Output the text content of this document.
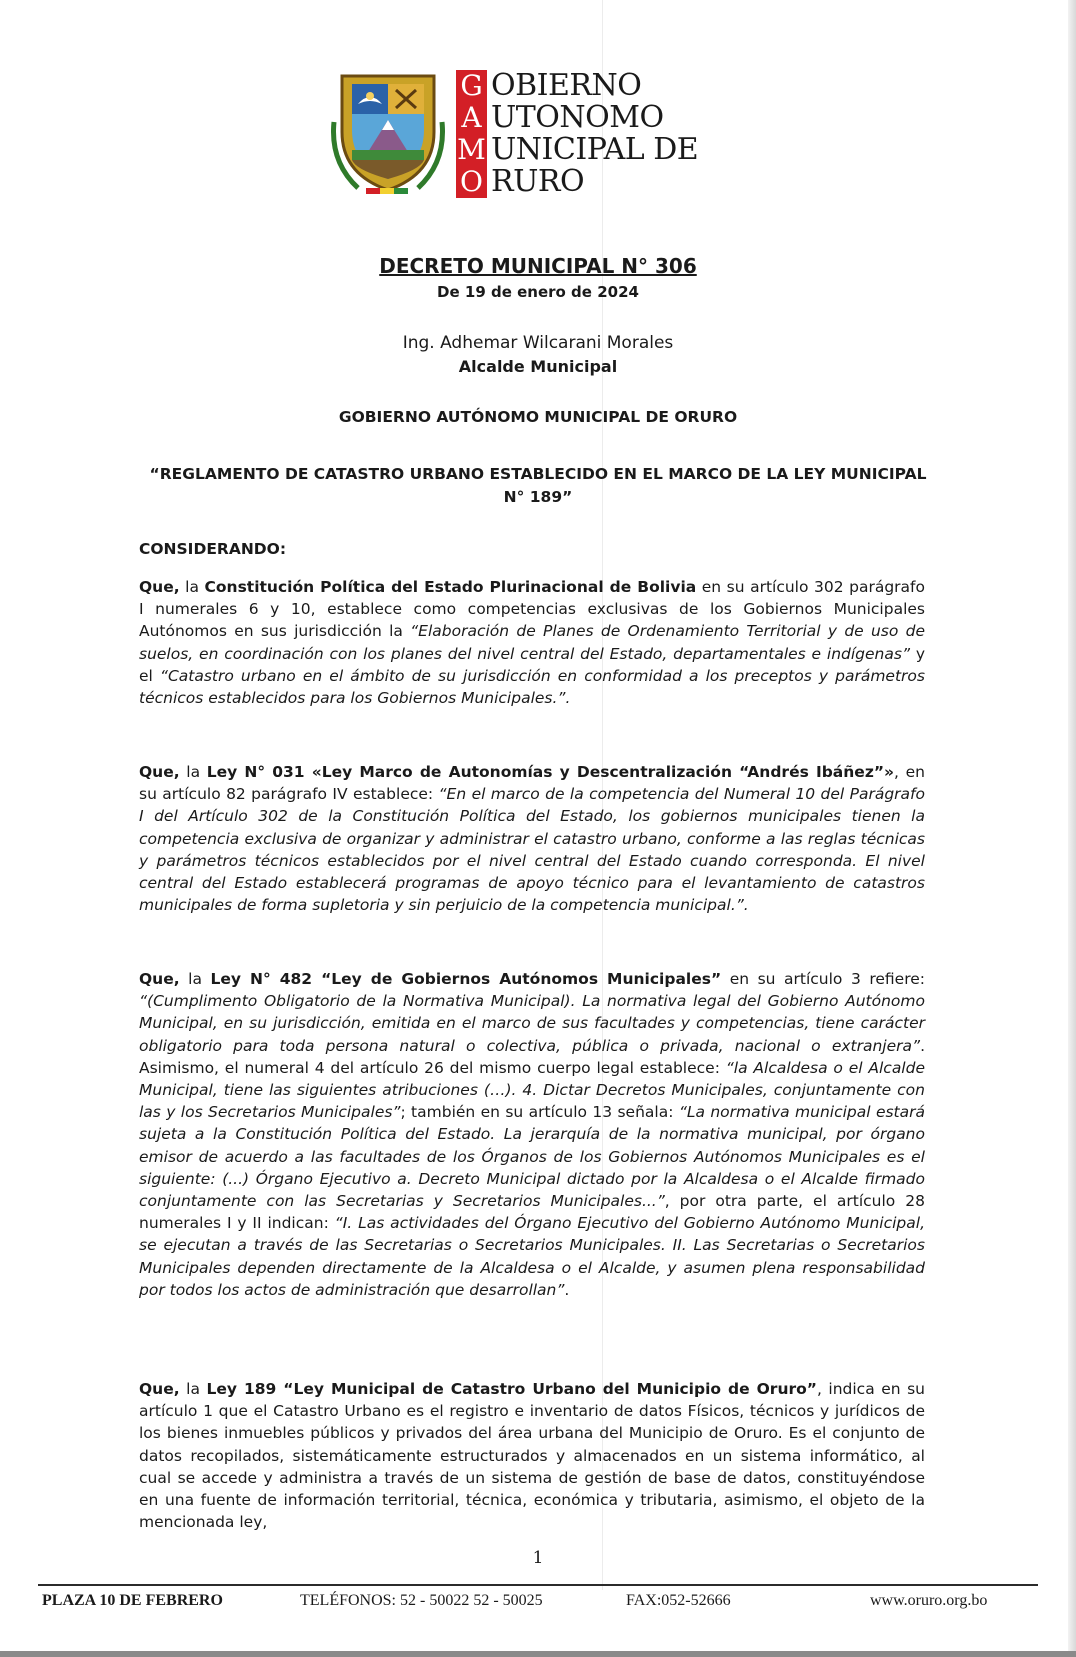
G OBIERNO
A UTONOMO
M UNICIPAL DE
O RURO
DECRETO MUNICIPAL N° 306
De 19 de enero de 2024
Ing. Adhemar Wilcarani Morales
Alcalde Municipal
GOBIERNO AUTÓNOMO MUNICIPAL DE ORURO
“REGLAMENTO DE CATASTRO URBANO ESTABLECIDO EN EL MARCO DE LA LEY MUNICIPAL N° 189”
CONSIDERANDO:
Que, la Constitución Política del Estado Plurinacional de Bolivia en su artículo 302 parágrafo I numerales 6 y 10, establece como competencias exclusivas de los Gobiernos Municipales Autónomos en sus jurisdicción la “Elaboración de Planes de Ordenamiento Territorial y de uso de suelos, en coordinación con los planes del nivel central del Estado, departamentales e indígenas” y el “Catastro urbano en el ámbito de su jurisdicción en conformidad a los preceptos y parámetros técnicos establecidos para los Gobiernos Municipales.”.
Que, la Ley N° 031 «Ley Marco de Autonomías y Descentralización “Andrés Ibáñez”», en su artículo 82 parágrafo IV establece: “En el marco de la competencia del Numeral 10 del Parágrafo I del Artículo 302 de la Constitución Política del Estado, los gobiernos municipales tienen la competencia exclusiva de organizar y administrar el catastro urbano, conforme a las reglas técnicas y parámetros técnicos establecidos por el nivel central del Estado cuando corresponda. El nivel central del Estado establecerá programas de apoyo técnico para el levantamiento de catastros municipales de forma supletoria y sin perjuicio de la competencia municipal.”.
Que, la Ley N° 482 “Ley de Gobiernos Autónomos Municipales” en su artículo 3 refiere: “(Cumplimento Obligatorio de la Normativa Municipal). La normativa legal del Gobierno Autónomo Municipal, en su jurisdicción, emitida en el marco de sus facultades y competencias, tiene carácter obligatorio para toda persona natural o colectiva, pública o privada, nacional o extranjera”. Asimismo, el numeral 4 del artículo 26 del mismo cuerpo legal establece: “la Alcaldesa o el Alcalde Municipal, tiene las siguientes atribuciones (…). 4. Dictar Decretos Municipales, conjuntamente con las y los Secretarios Municipales”; también en su artículo 13 señala: “La normativa municipal estará sujeta a la Constitución Política del Estado. La jerarquía de la normativa municipal, por órgano emisor de acuerdo a las facultades de los Órganos de los Gobiernos Autónomos Municipales es el siguiente: (...) Órgano Ejecutivo a. Decreto Municipal dictado por la Alcaldesa o el Alcalde firmado conjuntamente con las Secretarias y Secretarios Municipales...”, por otra parte, el artículo 28 numerales I y II indican: “I. Las actividades del Órgano Ejecutivo del Gobierno Autónomo Municipal, se ejecutan a través de las Secretarias o Secretarios Municipales. II. Las Secretarias o Secretarios Municipales dependen directamente de la Alcaldesa o el Alcalde, y asumen plena responsabilidad por todos los actos de administración que desarrollan”.
Que, la Ley 189 “Ley Municipal de Catastro Urbano del Municipio de Oruro”, indica en su artículo 1 que el Catastro Urbano es el registro e inventario de datos Físicos, técnicos y jurídicos de los bienes inmuebles públicos y privados del área urbana del Municipio de Oruro. Es el conjunto de datos recopilados, sistemáticamente estructurados y almacenados en un sistema informático, al cual se accede y administra a través de un sistema de gestión de base de datos, constituyéndose en una fuente de información territorial, técnica, económica y tributaria, asimismo, el objeto de la mencionada ley,
1
PLAZA 10 DE FEBRERO	TELÉFONOS: 52 - 50022 52 - 50025	FAX:052-52666	www.oruro.org.bo
